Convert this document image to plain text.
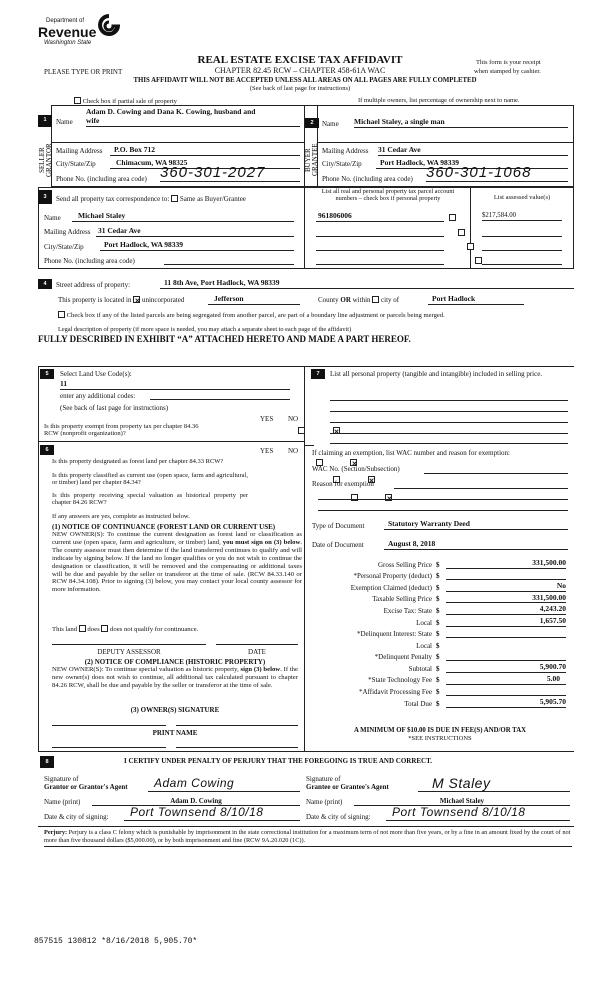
Department of
Revenue
Washington State
REAL ESTATE EXCISE TAX AFFIDAVIT
PLEASE TYPE OR PRINT	CHAPTER 82.45 RCW – CHAPTER 458-61A WAC
This form is your receipt
when stamped by cashier.
THIS AFFIDAVIT WILL NOT BE ACCEPTED UNLESS ALL AREAS ON ALL PAGES ARE FULLY COMPLETED
(See back of last page for instructions)
Check box if partial sale of property	If multiple owners, list percentage of ownership next to name.
1
SELLER GRANTOR
Name
Adam D. Cowing and Dana K. Cowing, husband and
wife
Mailing Address	P.O. Box 712
City/State/Zip	Chimacum, WA 98325
Phone No. (including area code) 360-301-2027
2
BUYER GRANTEE
Name Michael Staley, a single man
Mailing Address 31 Cedar Ave
City/State/Zip	Port Hadlock, WA 98339
Phone No. (including area code) 360-301-1068
3	Send all property tax correspondence to: Same as Buyer/Grantee
Name	Michael Staley
Mailing Address 31 Cedar Ave
City/State/Zip	Port Hadlock, WA 98339
Phone No. (including area code)
List all real and personal property tax parcel account
numbers – check box if personal property	List assessed value(s)
961806006
	$217,584.00

4	Street address of property:	11 8th Ave, Port Hadlock, WA 98339
This property is located in unincorporated	Jefferson	County OR within city of	Port Hadlock
Check box if any of the listed parcels are being segregated from another parcel, are part of a boundary line adjustment or parcels being merged.
Legal description of property (if more space is needed, you may attach a separate sheet to each page of the affidavit)
FULLY DESCRIBED IN EXHIBIT “A” ATTACHED HERETO AND MADE A PART HEREOF.
5	Select Land Use Code(s):
11
enter any additional codes:
(See back of last page for instructions)
YES NO
Is this property exempt from property tax per chapter 84.36 RCW (nonprofit organization)?

6	YES NO
Is this property designated as forest land per chapter 84.33 RCW?

Is this property classified as current use (open space, farm and agricultural, or timber) land per chapter 84.34?

Is this property receiving special valuation as historical property per chapter 84.26 RCW?

If any answers are yes, complete as instructed below.
(1) NOTICE OF CONTINUANCE (FOREST LAND OR CURRENT USE)
NEW OWNER(S): To continue the current designation as forest land or classification as current use (open space, farm and agriculture, or timber) land, you must sign on (3) below. The county assessor must then determine if the land transferred continues to qualify and will indicate by signing below. If the land no longer qualifies or you do not wish to continue the designation or classification, it will be removed and the compensating or additional taxes will be due and payable by the seller or transferor at the time of sale. (RCW 84.33.140 or RCW 84.34.108). Prior to signing (3) below, you may contact your local county assessor for more information.
This land does does not qualify for continuance.
DEPUTY ASSESSOR	DATE
(2) NOTICE OF COMPLIANCE (HISTORIC PROPERTY)
NEW OWNER(S): To continue special valuation as historic property, sign (3) below. If the new owner(s) does not wish to continue, all additional tax calculated pursuant to chapter 84.26 RCW, shall be due and payable by the seller or transferor at the time of sale.
(3) OWNER(S) SIGNATURE
PRINT NAME
7	List all personal property (tangible and intangible) included in selling price.
If claiming an exemption, list WAC number and reason for exemption:
WAC No. (Section/Subsection)
Reason for exemption
Type of Document	Statutory Warranty Deed
Date of Document	August 8, 2018
Gross Selling Price $	331,500.00
*Personal Property (deduct) $
Exemption Claimed (deduct) $	No
Taxable Selling Price $	331,500.00
Excise Tax: State $	4,243.20
Local $	1,657.50
*Delinquent Interest: State $
Local $
*Delinquent Penalty $
Subtotal $	5,900.70
*State Technology Fee $	5.00
*Affidavit Processing Fee $
Total Due $	5,905.70
A MINIMUM OF $10.00 IS DUE IN FEE(S) AND/OR TAX
*SEE INSTRUCTIONS
8	I CERTIFY UNDER PENALTY OF PERJURY THAT THE FOREGOING IS TRUE AND CORRECT.
Signature of
Grantor or Grantor's Agent	Adam Cowing
Name (print)	Adam D. Cowing
Date & city of signing:	Port Townsend 8/10/18
Signature of
Grantee or Grantee's Agent	M Staley
Name (print)	Michael Staley
Date & city of signing:	Port Townsend 8/10/18
Perjury: Perjury is a class C felony which is punishable by imprisonment in the state correctional institution for a maximum term of not more than five years, or by a fine in an amount fixed by the court of not more than five thousand dollars ($5,000.00), or by both imprisonment and fine (RCW 9A.20.020 (1C)).
857515 130812 *8/16/2018 5,905.70*
